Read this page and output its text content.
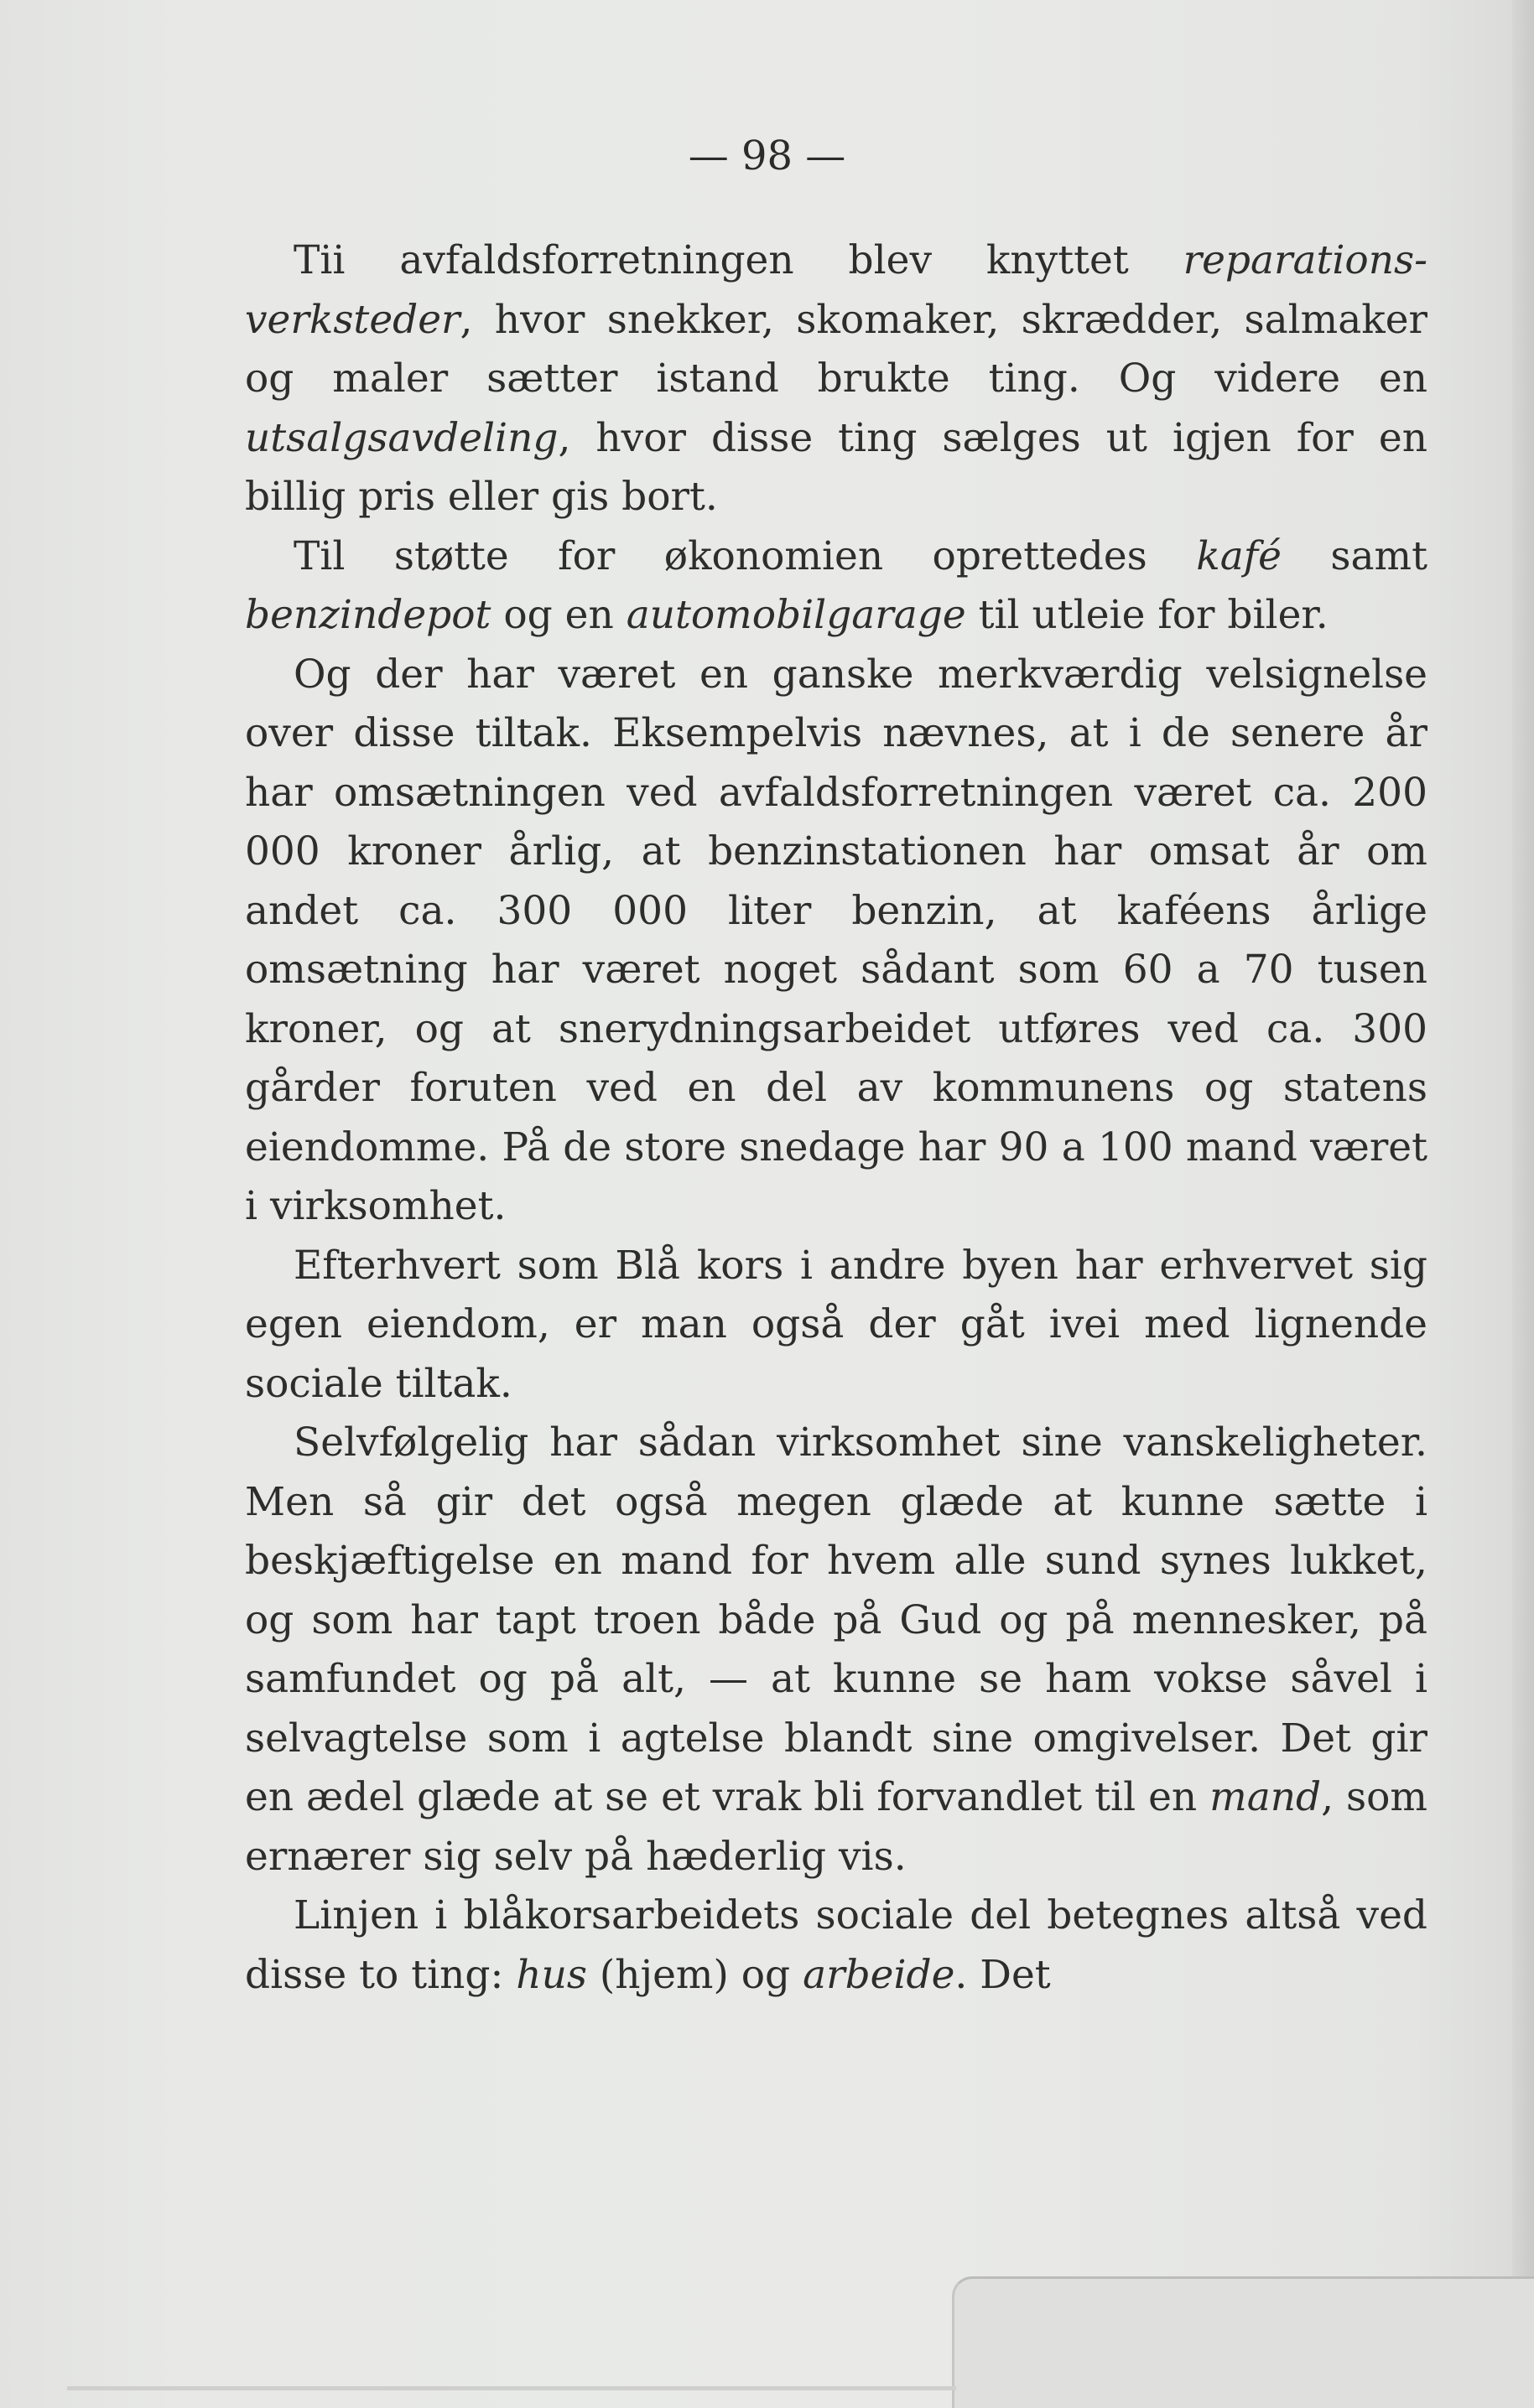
— 98 —

Tii avfaldsforretningen blev knyttet reparations-verksteder, hvor snekker, skomaker, skrædder, salmaker og maler sætter istand brukte ting. Og videre en utsalgsavdeling, hvor disse ting sælges ut igjen for en billig pris eller gis bort.

Til støtte for økonomien oprettedes kafé samt benzindepot og en automobilgarage til utleie for biler.

Og der har været en ganske merkværdig velsignelse over disse tiltak. Eksempelvis nævnes, at i de senere år har omsætningen ved avfaldsforretningen været ca. 200 000 kroner årlig, at benzinstationen har omsat år om andet ca. 300 000 liter benzin, at kaféens årlige omsætning har været noget sådant som 60 a 70 tusen kroner, og at snerydningsarbeidet utføres ved ca. 300 gårder foruten ved en del av kommunens og statens eiendomme. På de store snedage har 90 a 100 mand været i virksomhet.

Efterhvert som Blå kors i andre byen har erhvervet sig egen eiendom, er man også der gåt ivei med lignende sociale tiltak.

Selvfølgelig har sådan virksomhet sine vanskeligheter. Men så gir det også megen glæde at kunne sætte i beskjæftigelse en mand for hvem alle sund synes lukket, og som har tapt troen både på Gud og på mennesker, på samfundet og på alt, — at kunne se ham vokse såvel i selvagtelse som i agtelse blandt sine omgivelser. Det gir en ædel glæde at se et vrak bli forvandlet til en mand, som ernærer sig selv på hæderlig vis.

Linjen i blåkorsarbeidets sociale del betegnes altså ved disse to ting: hus (hjem) og arbeide. Det
